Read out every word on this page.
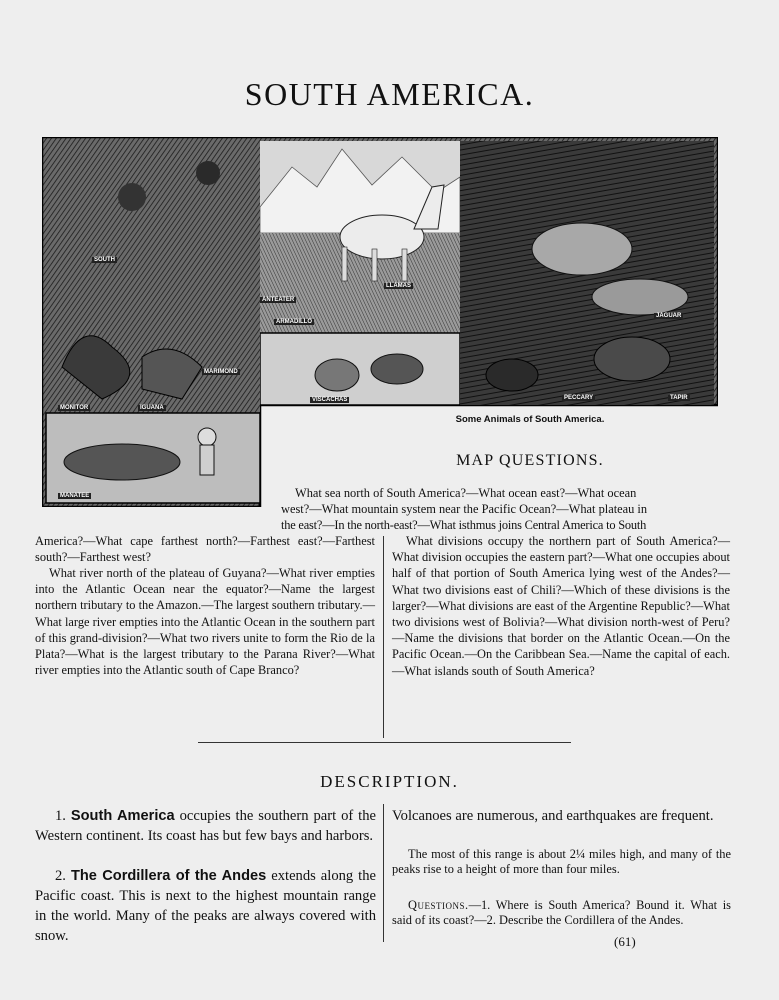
SOUTH AMERICA.
SOUTH
ANTEATER
LLAMAS
ARMADILLO
JAGUAR
MONITOR	IGUANA
MARIMOND
VISCACHAS	PECCARY	TAPIR
MANATEE
Some Animals of South America.
MAP QUESTIONS.

What sea north of South America?—What ocean east?—What ocean

west?—What mountain system near the Pacific Ocean?—What plateau in

the east?—In the north-east?—What isthmus joins Central America to South

America?—What cape farthest north?—Farthest east?—Farthest south?—Farthest west?

What river north of the plateau of Guyana?—What river empties into the Atlantic Ocean near the equator?—Name the largest northern tributary to the Amazon.—The largest southern tributary.—What large river empties into the Atlantic Ocean in the southern part of this grand-division?—What two rivers unite to form the Rio de la Plata?—What is the largest tributary to the Parana River?—What river empties into the Atlantic south of Cape Branco?

What divisions occupy the northern part of South America?—What division occupies the eastern part?—What one occupies about half of that portion of South America lying west of the Andes?—What two divisions east of Chili?—Which of these divisions is the larger?—What divisions are east of the Argentine Republic?—What two divisions west of Bolivia?—What division north-west of Peru?—Name the divisions that border on the Atlantic Ocean.—On the Pacific Ocean.—On the Caribbean Sea.—Name the capital of each.—What islands south of South America?

DESCRIPTION.

1. South America occupies the southern part of the Western continent. Its coast has but few bays and harbors.

2. The Cordillera of the Andes extends along the Pacific coast. This is next to the highest mountain range in the world. Many of the peaks are always covered with snow.

Volcanoes are numerous, and earthquakes are frequent.

The most of this range is about 2¼ miles high, and many of the peaks rise to a height of more than four miles.

Questions.—1. Where is South America? Bound it. What is said of its coast?—2. Describe the Cordillera of the Andes.

(61)
